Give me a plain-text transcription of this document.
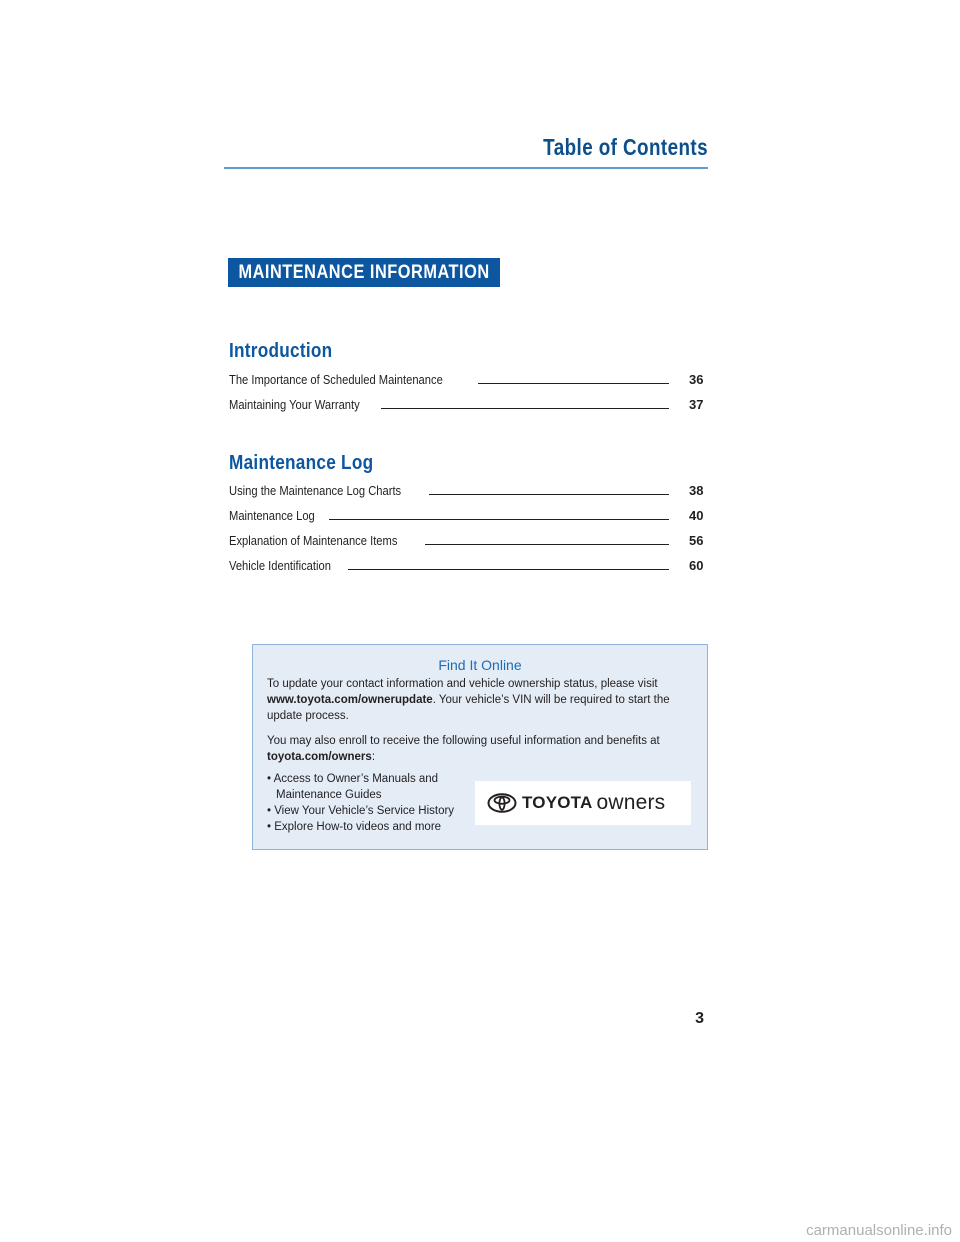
Table of Contents
MAINTENANCE INFORMATION
Introduction
The Importance of Scheduled Maintenance	36
Maintaining Your Warranty	37
Maintenance Log
Using the Maintenance Log Charts	38
Maintenance Log	40
Explanation of Maintenance Items	56
Vehicle Identification	60
Find It Online
To update your contact information and vehicle ownership status, please visit www.toyota.com/ownerupdate. Your vehicle’s VIN will be required to start the update process.
You may also enroll to receive the following useful information and benefits at toyota.com/owners:
• Access to Owner’s Manuals and Maintenance Guides
• View Your Vehicle’s Service History
• Explore How-to videos and more
TOYOTA owners
3
carmanualsonline.info
